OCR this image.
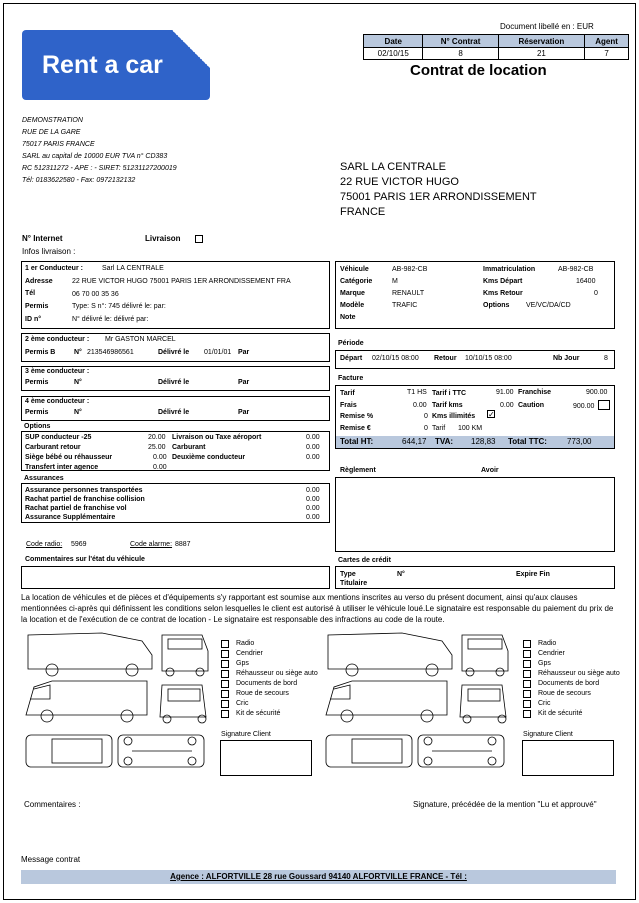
Rent a car
Document libellé en : EUR
Date	N° Contrat	Réservation	Agent
02/10/15	8	21	7
Contrat de location
DEMONSTRATION
RUE DE LA GARE
75017 PARIS FRANCE
SARL au capital de 10000 EUR TVA n° CD383
RC 512311272 - APE : - SIRET: 51231127200019
Tél: 0183622580 - Fax: 0972132132
SARL LA CENTRALE
22 RUE VICTOR HUGO
75001 PARIS 1ER ARRONDISSEMENT
FRANCE
N° Internet	Livraison
Infos livraison :
1 er Conducteur :	Sarl LA CENTRALE
Adresse	22 RUE VICTOR HUGO 75001 PARIS 1ER ARRONDISSEMENT FRA
Tél	06 70 00 35 36
Permis	Type: S n°: 745 délivré le: par:
ID n°	N° délivré le: délivré par:
2 ème conducteur : Mr GASTON MARCEL
Permis B	N° 213546986561	Délivré le 01/01/01 Par
3 ème conducteur :
Permis	N°	Délivré le	Par
4 ème conducteur :
Permis	N°	Délivré le	Par
Options
SUP conducteur -25	20.00
Carburant retour	25.00
Siège bébé ou réhausseur	0.00
Transfert inter agence	0.00
Livraison ou Taxe aéroport	0.00
Carburant	0.00
Deuxième conducteur	0.00
Assurances
Assurance personnes transportées	0.00
Rachat partiel de franchise collision	0.00
Rachat partiel de franchise vol	0.00
Assurance Supplémentaire	0.00
Code radio: 5969	Code alarme: 8887
Commentaires sur l'état du véhicule
Véhicule	AB-982-CB
Catégorie	M
Marque	RENAULT
Modèle	TRAFIC
Note
Immatriculation	AB-982-CB
Kms Départ	16400
Kms Retour	0
Options VE/VC/DA/CD
Période
Départ 02/10/15 08:00 Retour 10/10/15 08:00	Nb Jour	8
Facture
Tarif	T1 HS Tarif i TTC	91.00 Franchise	900.00
Frais	0.00 Tarif kms	0.00 Caution	900.00
Remise %	0 Kms illimités ✓
Remise €	0 Tarif 100 KM
Total HT:	644,17 TVA: 128,83 Total TTC:	773,00
Règlement	Avoir
Cartes de crédit
Type	N°	Expire Fin
Titulaire
La location de véhicules et de pièces et d'équipements s'y rapportant est soumise aux mentions inscrites au verso du présent document, ainsi qu'aux clauses mentionnées ci-après qui définissent les conditions selon lesquelles le client est autorisé à utiliser le véhicule loué.Le signataire est responsable du paiement du prix de la location et de l'exécution de ce contrat de location - Le signataire est responsable des infractions au code de la route.
Radio
Cendrier
Gps
Réhausseur ou siège auto
Documents de bord
Roue de secours
Cric
Kit de sécurité
Signature Client
Radio
Cendrier
Gps
Réhausseur ou siège auto
Documents de bord
Roue de secours
Cric
Kit de sécurité
Signature Client
Commentaires :	Signature, précédée de la mention "Lu et approuvé"
Message contrat
Agence : ALFORTVILLE 28 rue Goussard 94140 ALFORTVILLE FRANCE - Tél :
